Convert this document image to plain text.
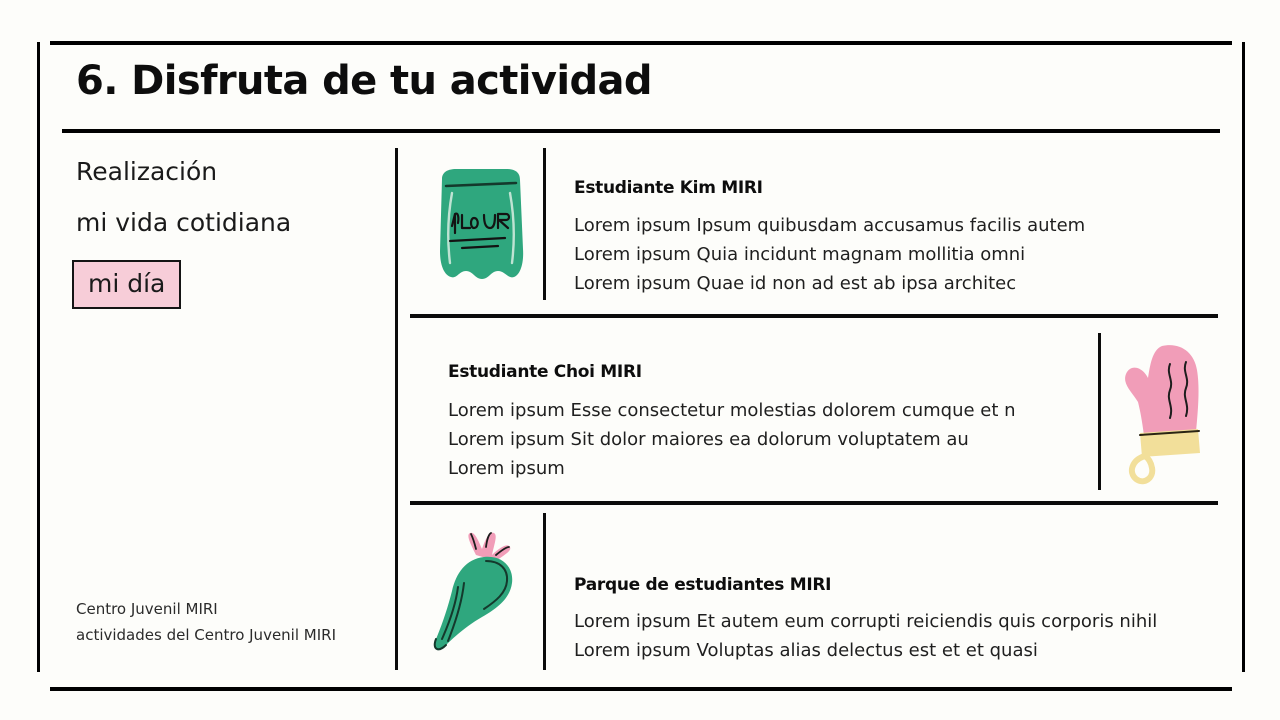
6. Disfruta de tu actividad
Realización
mi vida cotidiana
mi día
Centro Juvenil MIRI
actividades del Centro Juvenil MIRI
Estudiante Kim MIRI
Lorem ipsum Ipsum quibusdam accusamus facilis autem
Lorem ipsum Quia incidunt magnam mollitia omni
Lorem ipsum Quae id non ad est ab ipsa architec
Estudiante Choi MIRI
Lorem ipsum Esse consectetur molestias dolorem cumque et n
Lorem ipsum Sit dolor maiores ea dolorum voluptatem au
Lorem ipsum
Parque de estudiantes MIRI
Lorem ipsum Et autem eum corrupti reiciendis quis corporis nihil
Lorem ipsum Voluptas alias delectus est et et quasi
